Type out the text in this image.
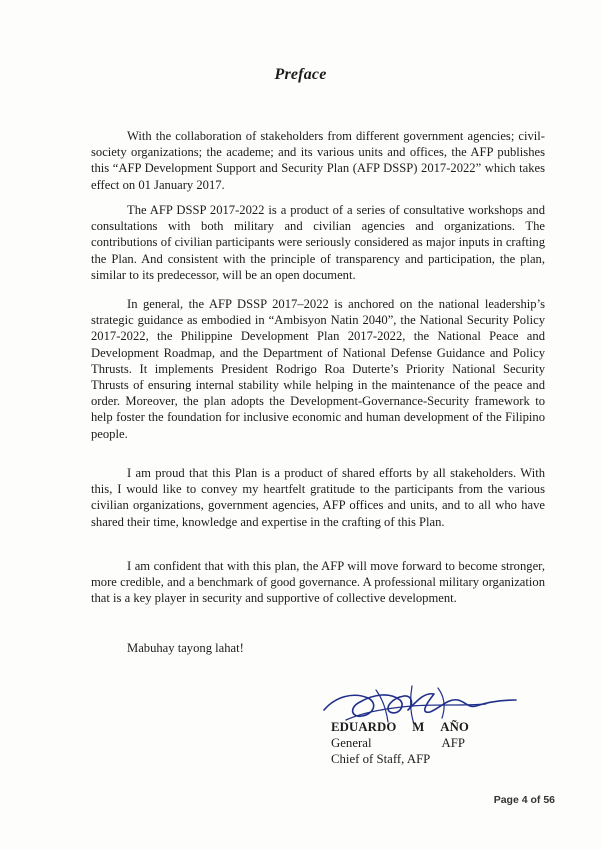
Preface

With the collaboration of stakeholders from different government agencies; civil-society organizations; the academe; and its various units and offices, the AFP publishes this “AFP Development Support and Security Plan (AFP DSSP) 2017-2022” which takes effect on 01 January 2017.

The AFP DSSP 2017-2022 is a product of a series of consultative workshops and consultations with both military and civilian agencies and organizations. The contributions of civilian participants were seriously considered as major inputs in crafting the Plan. And consistent with the principle of transparency and participation, the plan, similar to its predecessor, will be an open document.

In general, the AFP DSSP 2017–2022 is anchored on the national leadership’s strategic guidance as embodied in “Ambisyon Natin 2040”, the National Security Policy 2017-2022, the Philippine Development Plan 2017-2022, the National Peace and Development Roadmap, and the Department of National Defense Guidance and Policy Thrusts. It implements President Rodrigo Roa Duterte’s Priority National Security Thrusts of ensuring internal stability while helping in the maintenance of the peace and order. Moreover, the plan adopts the Development-Governance-Security framework to help foster the foundation for inclusive economic and human development of the Filipino people.

I am proud that this Plan is a product of shared efforts by all stakeholders. With this, I would like to convey my heartfelt gratitude to the participants from the various civilian organizations, government agencies, AFP offices and units, and to all who have shared their time, knowledge and expertise in the crafting of this Plan.

I am confident that with this plan, the AFP will move forward to become stronger, more credible, and a benchmark of good governance. A professional military organization that is a key player in security and supportive of collective development.

Mabuhay tayong lahat!

EDUARDO M AÑO
General	AFP
Chief of Staff, AFP
Page 4 of 56
